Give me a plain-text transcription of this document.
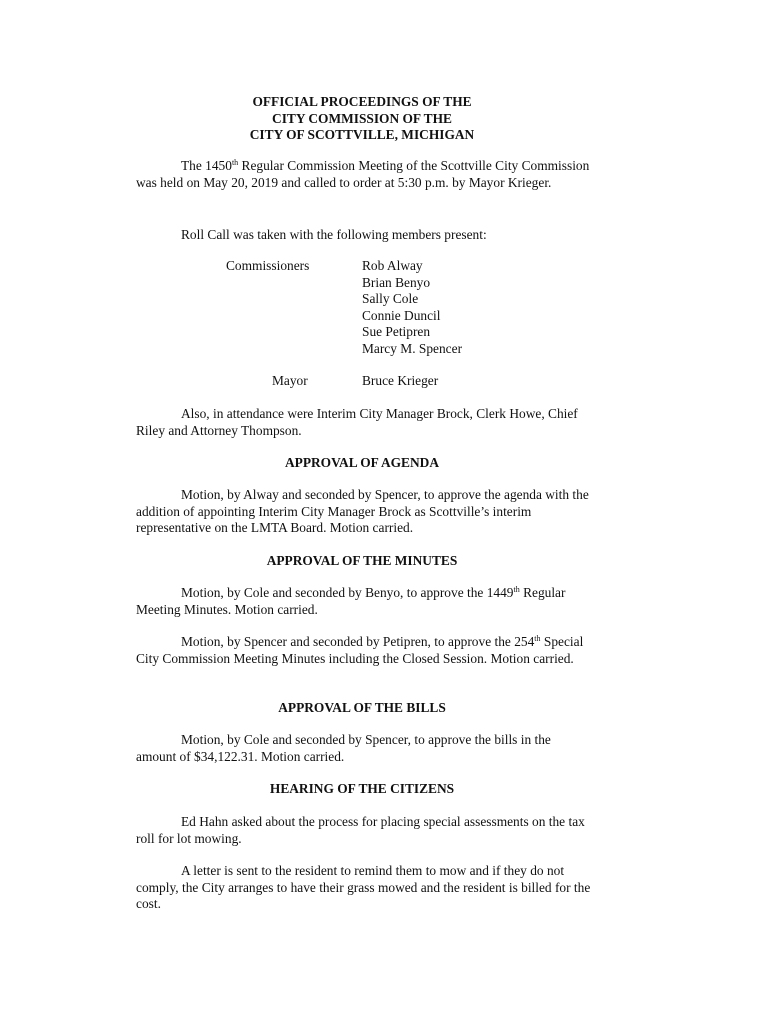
OFFICIAL PROCEEDINGS OF THE
CITY COMMISSION OF THE
CITY OF SCOTTVILLE, MICHIGAN

The 1450th Regular Commission Meeting of the Scottville City Commission was held on May 20, 2019 and called to order at 5:30 p.m. by Mayor Krieger.

Roll Call was taken with the following members present:

Commissioners	Rob Alway
Brian Benyo
Sally Cole
Connie Duncil
Sue Petipren
Marcy M. Spencer
Mayor	Bruce Krieger

Also, in attendance were Interim City Manager Brock, Clerk Howe, Chief Riley and Attorney Thompson.

APPROVAL OF AGENDA

Motion, by Alway and seconded by Spencer, to approve the agenda with the addition of appointing Interim City Manager Brock as Scottville’s interim representative on the LMTA Board. Motion carried.

APPROVAL OF THE MINUTES

Motion, by Cole and seconded by Benyo, to approve the 1449th Regular Meeting Minutes. Motion carried.

Motion, by Spencer and seconded by Petipren, to approve the 254th Special City Commission Meeting Minutes including the Closed Session. Motion carried.

APPROVAL OF THE BILLS

Motion, by Cole and seconded by Spencer, to approve the bills in the amount of $34,122.31. Motion carried.

HEARING OF THE CITIZENS

Ed Hahn asked about the process for placing special assessments on the tax roll for lot mowing.

A letter is sent to the resident to remind them to mow and if they do not comply, the City arranges to have their grass mowed and the resident is billed for the cost.
